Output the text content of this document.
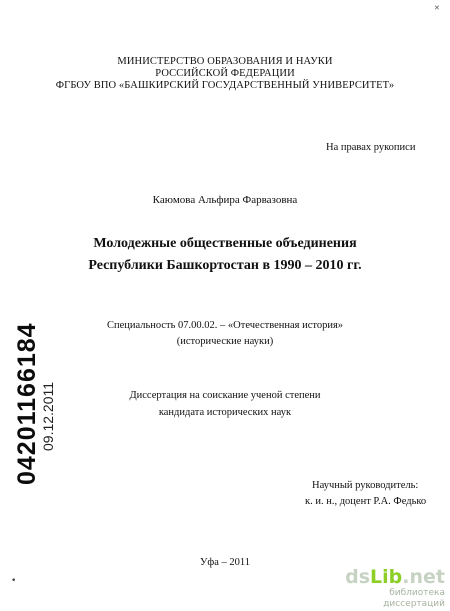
✕
МИНИСТЕРСТВО ОБРАЗОВАНИЯ И НАУКИ
РОССИЙСКОЙ ФЕДЕРАЦИИ
ФГБОУ ВПО «БАШКИРСКИЙ ГОСУДАРСТВЕННЫЙ УНИВЕРСИТЕТ»
На правах рукописи
Каюмова Альфира Фарвазовна
Молодежные общественные объединения
Республики Башкортостан в 1990 – 2010 гг.
Специальность 07.00.02. – «Отечественная история»
(исторические науки)
Диссертация на соискание ученой степени
кандидата исторических наук
Научный руководитель:
к. и. н., доцент Р.А. Федько
Уфа – 2011
04201166184 09.12.2011
•	dsLib.net
библиотека диссертаций
